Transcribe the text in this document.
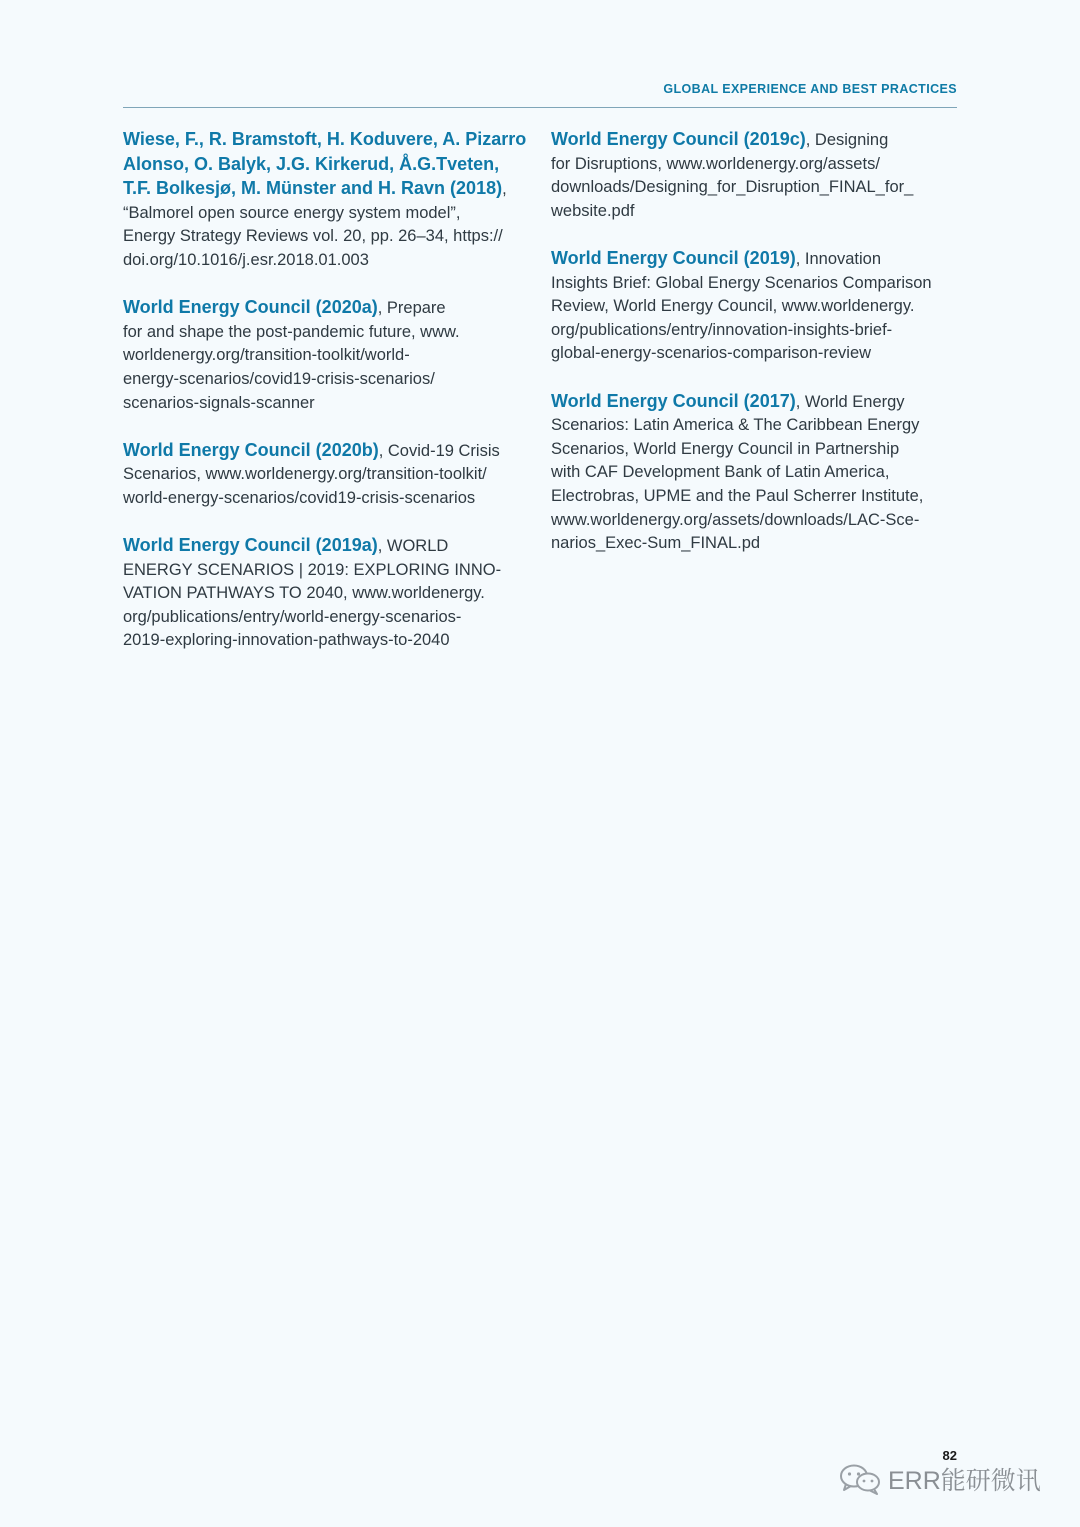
GLOBAL EXPERIENCE AND BEST PRACTICES
Wiese, F., R. Bramstoft, H. Koduvere, A. Pizarro
Alonso, O. Balyk, J.G. Kirkerud, Å.G.Tveten,
T.F. Bolkesjø, M. Münster and H. Ravn (2018),
“Balmorel open source energy system model”,
Energy Strategy Reviews vol. 20, pp. 26–34, https://
doi.org/10.1016/j.esr.2018.01.003
World Energy Council (2020a), Prepare
for and shape the post-pandemic future, www.
worldenergy.org/transition-toolkit/world-
energy-scenarios/covid19-crisis-scenarios/
scenarios-signals-scanner
World Energy Council (2020b), Covid-19 Crisis
Scenarios, www.worldenergy.org/transition-toolkit/
world-energy-scenarios/covid19-crisis-scenarios
World Energy Council (2019a), WORLD
ENERGY SCENARIOS | 2019: EXPLORING INNO-
VATION PATHWAYS TO 2040, www.worldenergy.
org/publications/entry/world-energy-scenarios-
2019-exploring-innovation-pathways-to-2040
World Energy Council (2019c), Designing
for Disruptions, www.worldenergy.org/assets/
downloads/Designing_for_Disruption_FINAL_for_
website.pdf
World Energy Council (2019), Innovation
Insights Brief: Global Energy Scenarios Comparison
Review, World Energy Council, www.worldenergy.
org/publications/entry/innovation-insights-brief-
global-energy-scenarios-comparison-review
World Energy Council (2017), World Energy
Scenarios: Latin America & The Caribbean Energy
Scenarios, World Energy Council in Partnership
with CAF Development Bank of Latin America,
Electrobras, UPME and the Paul Scherrer Institute,
www.worldenergy.org/assets/downloads/LAC-Sce-
narios_Exec-Sum_FINAL.pd
82
ERR能研微讯
